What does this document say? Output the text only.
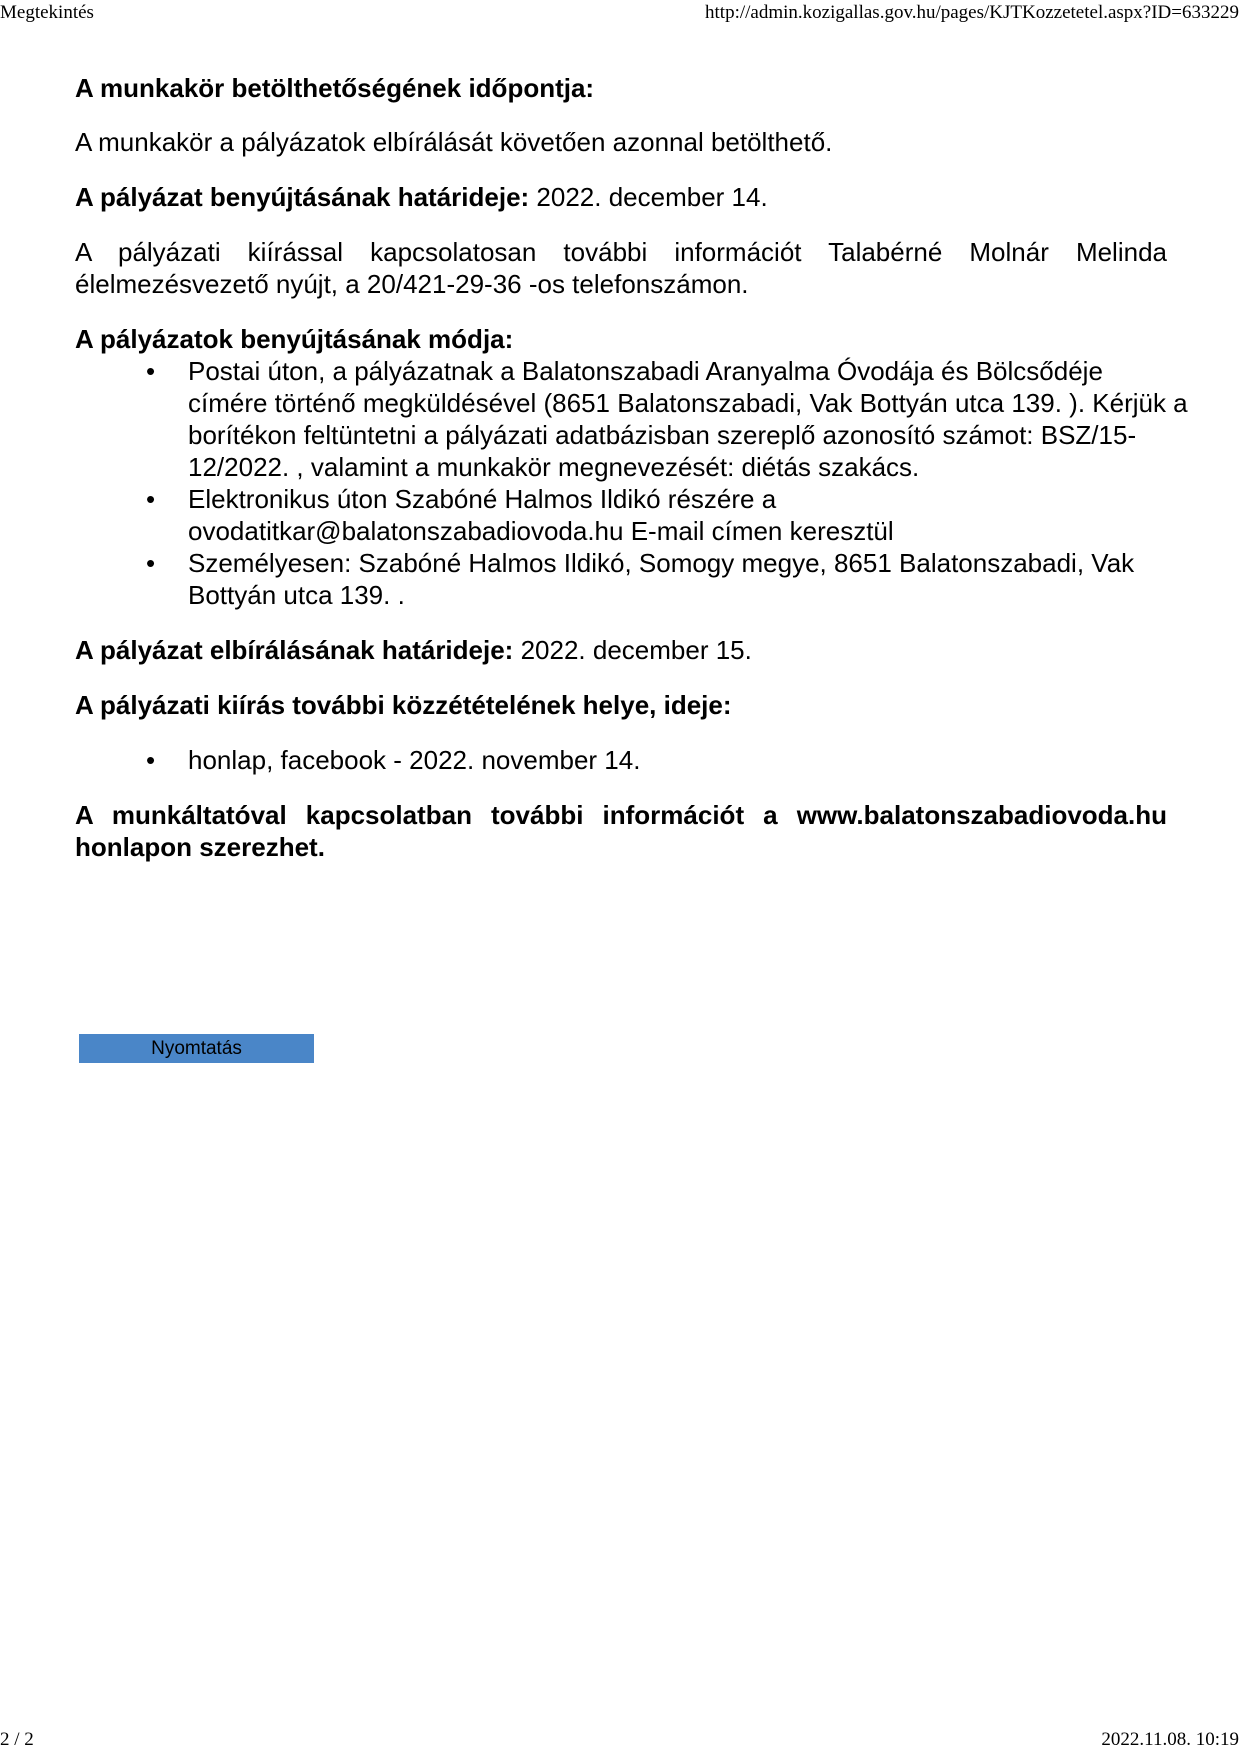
Megtekintés	http://admin.kozigallas.gov.hu/pages/KJTKozzetetel.aspx?ID=633229
A munkakör betölthetőségének időpontja:

A munkakör a pályázatok elbírálását követően azonnal betölthető.

A pályázat benyújtásának határideje: 2022. december 14.

A pályázati kiírással kapcsolatosan további információt Talabérné Molnár Melinda élelmezésvezető nyújt, a 20/421-29-36 -os telefonszámon.

A pályázatok benyújtásának módja:
• Postai úton, a pályázatnak a Balatonszabadi Aranyalma Óvodája és Bölcsődéje címére történő megküldésével (8651 Balatonszabadi, Vak Bottyán utca 139. ). Kérjük a borítékon feltüntetni a pályázati adatbázisban szereplő azonosító számot: BSZ/15-12/2022. , valamint a munkakör megnevezését: diétás szakács.
• Elektronikus úton Szabóné Halmos Ildikó részére a ovodatitkar@balatonszabadiovoda.hu E-mail címen keresztül
• Személyesen: Szabóné Halmos Ildikó, Somogy megye, 8651 Balatonszabadi, Vak Bottyán utca 139. .

A pályázat elbírálásának határideje: 2022. december 15.

A pályázati kiírás további közzétételének helye, ideje:
• honlap, facebook - 2022. november 14.

A munkáltatóval kapcsolatban további információt a www.balatonszabadiovoda.hu honlapon szerezhet.

Nyomtatás
2 / 2	2022.11.08. 10:19
